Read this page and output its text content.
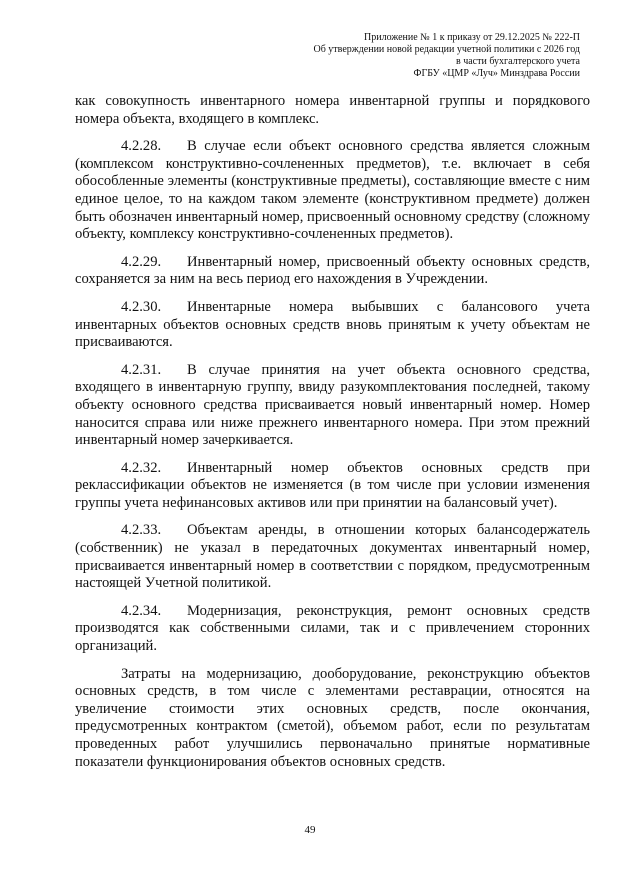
Приложение № 1 к приказу от 29.12.2025 № 222-П
Об утверждении новой редакции учетной политики с 2026 год
в части бухгалтерского учета
ФГБУ «ЦМР «Луч» Минздрава России

как совокупность инвентарного номера инвентарной группы и порядкового номера объекта, входящего в комплекс.

4.2.28. В случае если объект основного средства является сложным (комплексом конструктивно-сочлененных предметов), т.е. включает в себя обособленные элементы (конструктивные предметы), составляющие вместе с ним единое целое, то на каждом таком элементе (конструктивном предмете) должен быть обозначен инвентарный номер, присвоенный основному средству (сложному объекту, комплексу конструктивно-сочлененных предметов).

4.2.29. Инвентарный номер, присвоенный объекту основных средств, сохраняется за ним на весь период его нахождения в Учреждении.

4.2.30. Инвентарные номера выбывших с балансового учета инвентарных объектов основных средств вновь принятым к учету объектам не присваиваются.

4.2.31. В случае принятия на учет объекта основного средства, входящего в инвентарную группу, ввиду разукомплектования последней, такому объекту основного средства присваивается новый инвентарный номер. Номер наносится справа или ниже прежнего инвентарного номера. При этом прежний инвентарный номер зачеркивается.

4.2.32. Инвентарный номер объектов основных средств при реклассификации объектов не изменяется (в том числе при условии изменения группы учета нефинансовых активов или при принятии на балансовый учет).

4.2.33. Объектам аренды, в отношении которых балансодержатель (собственник) не указал в передаточных документах инвентарный номер, присваивается инвентарный номер в соответствии с порядком, предусмотренным настоящей Учетной политикой.

4.2.34. Модернизация, реконструкция, ремонт основных средств производятся как собственными силами, так и с привлечением сторонних организаций.

Затраты на модернизацию, дооборудование, реконструкцию объектов основных средств, в том числе с элементами реставрации, относятся на увеличение стоимости этих основных средств, после окончания, предусмотренных контрактом (сметой), объемом работ, если по результатам проведенных работ улучшились первоначально принятые нормативные показатели функционирования объектов основных средств.

49
